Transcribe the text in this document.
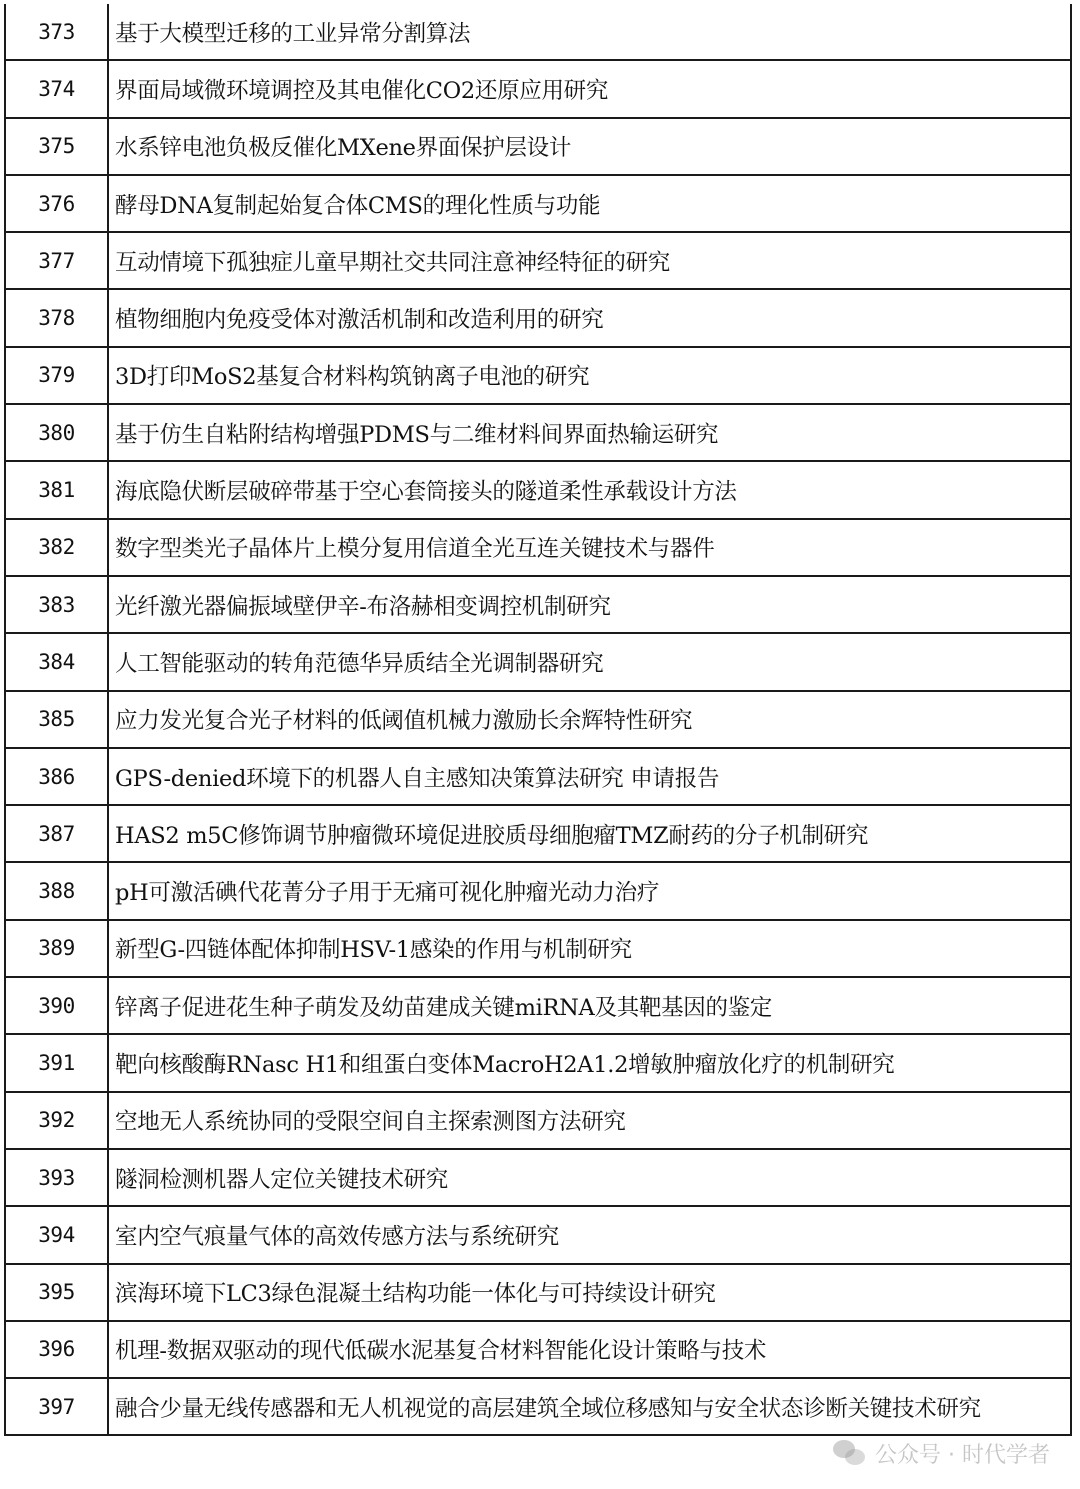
373	基于大模型迁移的工业异常分割算法
374	界面局域微环境调控及其电催化CO2还原应用研究
375	水系锌电池负极反催化MXene界面保护层设计
376	酵母DNA复制起始复合体CMS的理化性质与功能
377	互动情境下孤独症儿童早期社交共同注意神经特征的研究
378	植物细胞内免疫受体对激活机制和改造利用的研究
379	3D打印MoS2基复合材料构筑钠离子电池的研究
380	基于仿生自粘附结构增强PDMS与二维材料间界面热输运研究
381	海底隐伏断层破碎带基于空心套筒接头的隧道柔性承载设计方法
382	数字型类光子晶体片上模分复用信道全光互连关键技术与器件
383	光纤激光器偏振域壁伊辛-布洛赫相变调控机制研究
384	人工智能驱动的转角范德华异质结全光调制器研究
385	应力发光复合光子材料的低阈值机械力激励长余辉特性研究
386	GPS-denied环境下的机器人自主感知决策算法研究 申请报告
387	HAS2 m5C修饰调节肿瘤微环境促进胶质母细胞瘤TMZ耐药的分子机制研究
388	pH可激活碘代花菁分子用于无痛可视化肿瘤光动力治疗
389	新型G-四链体配体抑制HSV-1感染的作用与机制研究
390	锌离子促进花生种子萌发及幼苗建成关键miRNA及其靶基因的鉴定
391	靶向核酸酶RNasc H1和组蛋白变体MacroH2A1.2增敏肿瘤放化疗的机制研究
392	空地无人系统协同的受限空间自主探索测图方法研究
393	隧洞检测机器人定位关键技术研究
394	室内空气痕量气体的高效传感方法与系统研究
395	滨海环境下LC3绿色混凝土结构功能一体化与可持续设计研究
396	机理-数据双驱动的现代低碳水泥基复合材料智能化设计策略与技术
397	融合少量无线传感器和无人机视觉的高层建筑全域位移感知与安全状态诊断关键技术研究
公众号 · 时代学者
